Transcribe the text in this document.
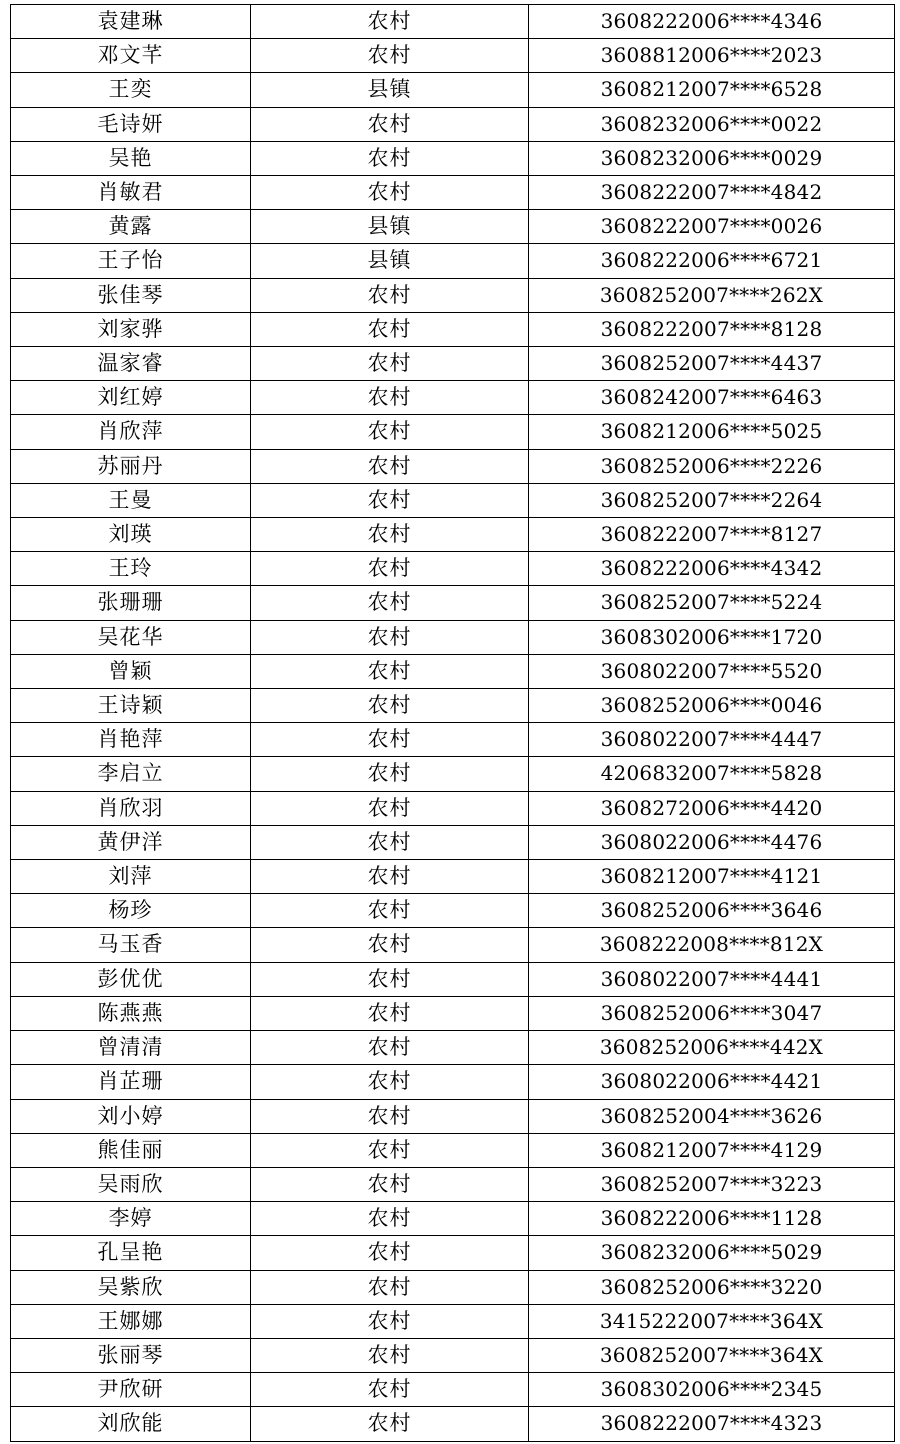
袁建琳	农村	3608222006****4346
邓文芊	农村	3608812006****2023
王奕	县镇	3608212007****6528
毛诗妍	农村	3608232006****0022
吴艳	农村	3608232006****0029
肖敏君	农村	3608222007****4842
黄露	县镇	3608222007****0026
王子怡	县镇	3608222006****6721
张佳琴	农村	3608252007****262X
刘家骅	农村	3608222007****8128
温家睿	农村	3608252007****4437
刘红婷	农村	3608242007****6463
肖欣萍	农村	3608212006****5025
苏丽丹	农村	3608252006****2226
王曼	农村	3608252007****2264
刘瑛	农村	3608222007****8127
王玲	农村	3608222006****4342
张珊珊	农村	3608252007****5224
吴花华	农村	3608302006****1720
曾颖	农村	3608022007****5520
王诗颖	农村	3608252006****0046
肖艳萍	农村	3608022007****4447
李启立	农村	4206832007****5828
肖欣羽	农村	3608272006****4420
黄伊洋	农村	3608022006****4476
刘萍	农村	3608212007****4121
杨珍	农村	3608252006****3646
马玉香	农村	3608222008****812X
彭优优	农村	3608022007****4441
陈燕燕	农村	3608252006****3047
曾清清	农村	3608252006****442X
肖芷珊	农村	3608022006****4421
刘小婷	农村	3608252004****3626
熊佳丽	农村	3608212007****4129
吴雨欣	农村	3608252007****3223
李婷	农村	3608222006****1128
孔呈艳	农村	3608232006****5029
吴紫欣	农村	3608252006****3220
王娜娜	农村	3415222007****364X
张丽琴	农村	3608252007****364X
尹欣研	农村	3608302006****2345
刘欣能	农村	3608222007****4323
